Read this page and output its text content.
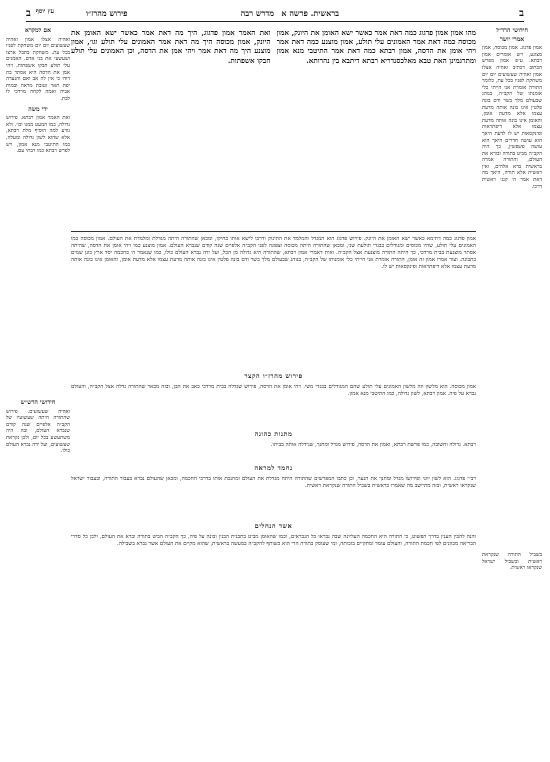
ב
מדרש רבה בראשית. פרשה א
פירוש מהרז״ו
ב עץ יוסף
חידושי הרד״ל
אמרי יושר
אמון פדגוג. אמון מכוסה, אמון מצונע, ויש אומרים אמון רבתא. ע״פ אמון מפרש הכתוב דכתיב ואהיה אצלו אמון ואהיה שעשועים יום יום משחקת לפניו בכל עת, כלומר התורה אומרת אני הייתי כלי אומנתו של הקב״ה, בנוהג שבעולם מלך בשר ודם בונה פלטין אינו בונה אותה מדעת עצמו אלא מדעת אומן, והאומן אינו בונה אותה מדעת עצמו אלא דיפתראות ופינקסאות יש לו לדעת היאך הוא עושה חדרים היאך הוא עושה פשפשין, כך היה הקב״ה מביט בתורה ובורא את העולם, והתורה אמרה בראשית ברא אלהים, ואין ראשית אלא תורה, היאך מה דאת אמר ה׳ קנני ראשית דרכו.
אם למקרא
ואהיה אצלו אמון ואהיה שעשועים יום יום משחקת לפניו בכל עת. משחקת בתבל ארצו ושעשעי את בני אדם. האמנים עלי תולע חבקו אשפתות. ויהי אמן את הדסה היא אסתר בת דודו כי אין לה אב ואם והנערה יפת תאר וטובת מראה ובמות אביה ואמה לקחה מרדכי לו לבת.
ידי משה
ואת האמר אמון רבתא. פירוש גדולה, כמו המעט ממנו וכו׳. ולא נודע למה הוסיף מלת רבתא, אלא שהוא לשון גדולה ומעלה, כמו התיטבי מנא אמון, ויש לפרש רבתא כמו רבתי עם.
מהו אמון אמון פדגוג כמה דאת אמר כאשר ישא האומן את היונק, אמון מכוסה כמה דאת אמר האמונים עלי תולע, אמון מוצנע כמה דאת אמר ויהי אומן את הדסה, אמון רבתא כמה דאת אמר התיטבי מנא אמון ומתרגמינן האת טבא מאלכסנדריא רבתא דיתבא בין נהרותא.
ואת האמר אמון פדגוג, היך מה דאת אמר כאשר ישא האומן את היונק, אמון מכוסה היך מה דאת אמר האמונים עלי תולע וגו׳, אמון מוצנע היך מה דאת אמר ויהי אמן את הדסה, וכן האמונים עלי תולע חבקו אשפתות.
אמון פדגוג כמה דתימא כאשר ישא האומן את היונק. פירוש פדגוג הוא המגדל והמלמד את התינוק ודרכו לישא אותו בחיקו, ומכאן שהתורה היתה מגדלת ומלמדת את העולם. אמון מכוסה כמו האמונים עלי תולע, שהיו מכוסים ומגודלים בבגדי תולעת שני, ומכאן שהתורה היתה מכוסה וצפונה לפני הקב״ה אלפיים שנה קודם שנברא העולם. אמון מוצנע כמו ויהי אומן את הדסה, שהיתה אסתר מוצנעת בבית מרדכי, כך היתה התורה מוצנעת אצל הקב״ה. ואית דאמרי אמון רבתא, שהתורה היא גדולה מן הכל, ועל ידה נברא העולם כולו, כמו שנאמר ה׳ בחכמה יסד ארץ כונן שמים בתבונה. ועוד אמרו אמון זה אומן, התורה אומרת אני הייתי כלי אומנותו של הקב״ה, בנוהג שבעולם מלך בשר ודם בונה פלטין אינו בונה אותה מדעת עצמו אלא מדעת אומן, והאומן אינו בונה אותה מדעת עצמו אלא דיפתראות ופינקסאות יש לו.
פירוש מהרז״ו הקצר
אמון מכוסה. הוא מלשון וזה מלשון האמונים עלי תולע שהם המגודלים בבגדי משי. ויהי אומן את הדסה, פירוש שגדלה בבית מרדכי כאב את הבן, ובזה מבאר שהתורה גדלה אצל הקב״ה, והעולם נברא על פיה. אמון רבתא, לשון גדולה, כמו התיטבי מנא אמון.
מתנות כהונה
רבתא. גדולה וחשובה, כמו פרשת רבתא, ואמון את הדסה, פירוש מגדל ומחנך, שגידלה אותה בביתו.
נחמד למראה
רב״י פדגוג. הוא לשון יווני ופירושו מגדל ומחנך את הנער, וכן כתבו המפרשים שהתורה היתה מגדלת את העולם ומחנכת אותו בדרכי החכמה, ומכאן שהעולם נברא בעבור התורה, ובעבור ישראל שנקראו ראשית, ובזה מתיישב מה שאמרו בראשית בשביל התורה שנקראת ראשית.
אשד הנחלים
והנה להבין הענין בדרך הפשוט, כי התורה היא החכמה העליונה שבה נבראו כל הנבראים, וכמו שהאומן מביט בתבנית הבנין ובונה על פיה, כך הקב״ה הביט בתורה וברא את העולם, ולכן כל סדרי הבריאה מכוונים לפי חכמת התורה, והעולם עומד ומתקיים בזכותה, ומי שעוסק בתורה הרי הוא כשותף להקב״ה במעשה בראשית, שהוא מקיים את העולם אשר נברא בשבילה.
חידושי הרש״ש
ואהיה שעשועים. פירוש שהתורה היתה שעשועיו של הקב״ה אלפיים שנה קודם שנברא העולם, ובה היה משתעשע בכל יום, ולכן נקראת שעשועים, ועל ידה נברא העולם כולו.
בשביל התורה שנקראת ראשית ובשביל ישראל שנקראו ראשית.
